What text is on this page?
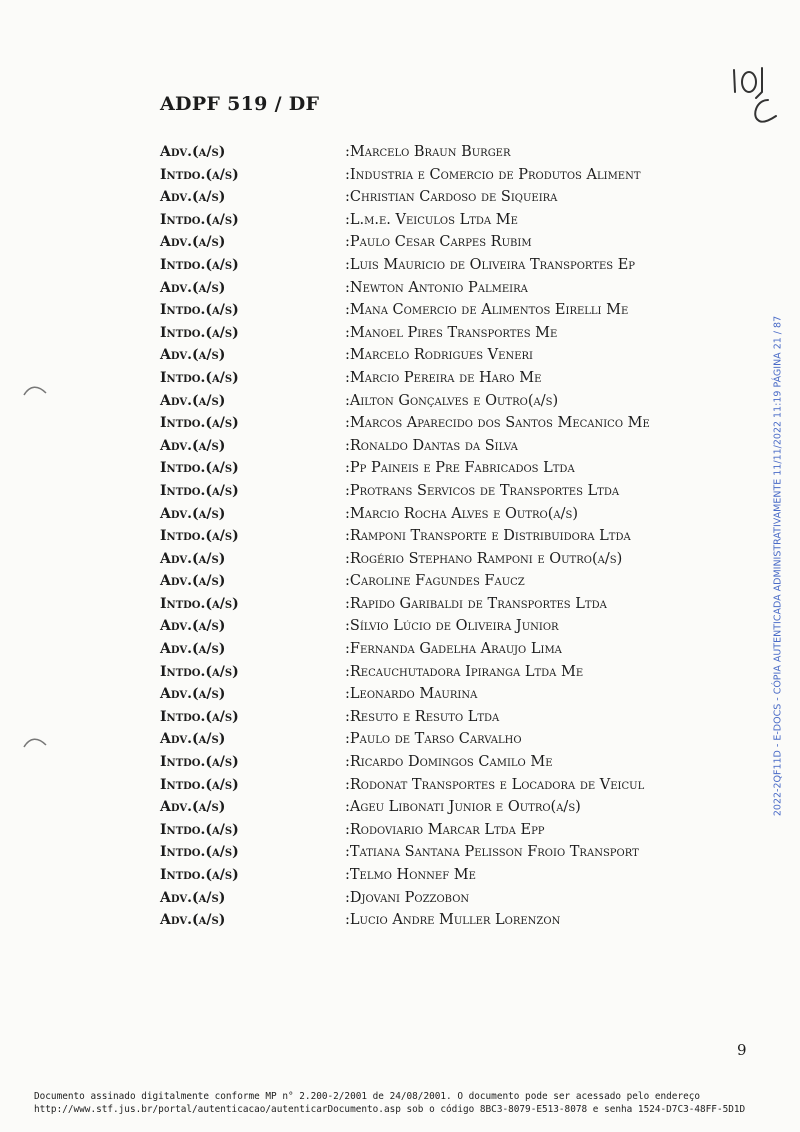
ADPF 519 / DF
Adv.(a/s)	: Marcelo Braun Burger
Intdo.(a/s)	: Industria e Comercio de Produtos Aliment
Adv.(a/s)	: Christian Cardoso de Siqueira
Intdo.(a/s)	: L.m.e. Veiculos Ltda Me
Adv.(a/s)	: Paulo Cesar Carpes Rubim
Intdo.(a/s)	: Luis Mauricio de Oliveira Transportes Ep
Adv.(a/s)	: Newton Antonio Palmeira
Intdo.(a/s)	: Mana Comercio de Alimentos Eirelli Me
Intdo.(a/s)	: Manoel Pires Transportes Me
Adv.(a/s)	: Marcelo Rodrigues Veneri
Intdo.(a/s)	: Marcio Pereira de Haro Me
Adv.(a/s)	: Ailton Gonçalves e Outro(a/s)
Intdo.(a/s)	: Marcos Aparecido dos Santos Mecanico Me
Adv.(a/s)	: Ronaldo Dantas da Silva
Intdo.(a/s)	: Pp Paineis e Pre Fabricados Ltda
Intdo.(a/s)	: Protrans Servicos de Transportes Ltda
Adv.(a/s)	: Marcio Rocha Alves e Outro(a/s)
Intdo.(a/s)	: Ramponi Transporte e Distribuidora Ltda
Adv.(a/s)	: Rogério Stephano Ramponi e Outro(a/s)
Adv.(a/s)	: Caroline Fagundes Faucz
Intdo.(a/s)	: Rapido Garibaldi de Transportes Ltda
Adv.(a/s)	: Sílvio Lúcio de Oliveira Junior
Adv.(a/s)	: Fernanda Gadelha Araujo Lima
Intdo.(a/s)	: Recauchutadora Ipiranga Ltda Me
Adv.(a/s)	: Leonardo Maurina
Intdo.(a/s)	: Resuto e Resuto Ltda
Adv.(a/s)	: Paulo de Tarso Carvalho
Intdo.(a/s)	: Ricardo Domingos Camilo Me
Intdo.(a/s)	: Rodonat Transportes e Locadora de Veicul
Adv.(a/s)	: Ageu Libonati Junior e Outro(a/s)
Intdo.(a/s)	: Rodoviario Marcar Ltda Epp
Intdo.(a/s)	: Tatiana Santana Pelisson Froio Transport
Intdo.(a/s)	: Telmo Honnef Me
Adv.(a/s)	: Djovani Pozzobon
Adv.(a/s)	: Lucio Andre Muller Lorenzon
9
Documento assinado digitalmente conforme MP n° 2.200-2/2001 de 24/08/2001. O documento pode ser acessado pelo endereço
http://www.stf.jus.br/portal/autenticacao/autenticarDocumento.asp sob o código 8BC3-8079-E513-8078 e senha 1524-D7C3-48FF-5D1D
2022-2QF11D - E-DOCS - CÓPIA AUTENTICADA ADMINISTRATIVAMENTE 11/11/2022 11:19 PÁGINA 21 / 87
